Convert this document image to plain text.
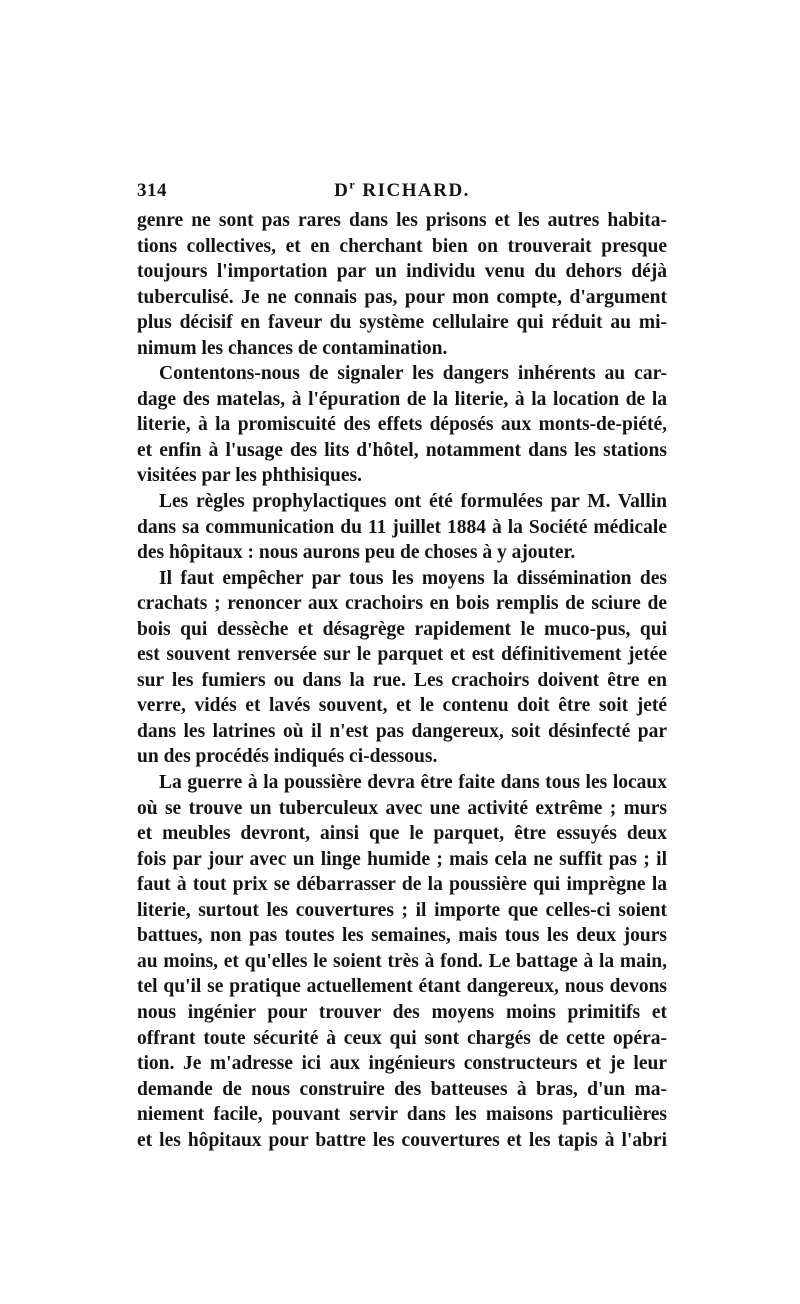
314	$D^r$ RICHARD.
genre ne sont pas rares dans les prisons et les autres habita-
tions collectives, et en cherchant bien on trouverait presque
toujours l'importation par un individu venu du dehors déjà
tuberculisé. Je ne connais pas, pour mon compte, d'argument
plus décisif en faveur du système cellulaire qui réduit au mi-
nimum les chances de contamination.
Contentons-nous de signaler les dangers inhérents au car-
dage des matelas, à l'épuration de la literie, à la location de la
literie, à la promiscuité des effets déposés aux monts-de-piété,
et enfin à l'usage des lits d'hôtel, notamment dans les stations
visitées par les phthisiques.
Les règles prophylactiques ont été formulées par M. Vallin
dans sa communication du 11 juillet 1884 à la Société médicale
des hôpitaux : nous aurons peu de choses à y ajouter.
Il faut empêcher par tous les moyens la dissémination des
crachats ; renoncer aux crachoirs en bois remplis de sciure de
bois qui dessèche et désagrège rapidement le muco-pus, qui
est souvent renversée sur le parquet et est définitivement jetée
sur les fumiers ou dans la rue. Les crachoirs doivent être en
verre, vidés et lavés souvent, et le contenu doit être soit jeté
dans les latrines où il n'est pas dangereux, soit désinfecté par
un des procédés indiqués ci-dessous.
La guerre à la poussière devra être faite dans tous les locaux
où se trouve un tuberculeux avec une activité extrême ; murs
et meubles devront, ainsi que le parquet, être essuyés deux
fois par jour avec un linge humide ; mais cela ne suffit pas ; il
faut à tout prix se débarrasser de la poussière qui imprègne la
literie, surtout les couvertures ; il importe que celles-ci soient
battues, non pas toutes les semaines, mais tous les deux jours
au moins, et qu'elles le soient très à fond. Le battage à la main,
tel qu'il se pratique actuellement étant dangereux, nous devons
nous ingénier pour trouver des moyens moins primitifs et
offrant toute sécurité à ceux qui sont chargés de cette opéra-
tion. Je m'adresse ici aux ingénieurs constructeurs et je leur
demande de nous construire des batteuses à bras, d'un ma-
niement facile, pouvant servir dans les maisons particulières
et les hôpitaux pour battre les couvertures et les tapis à l'abri
